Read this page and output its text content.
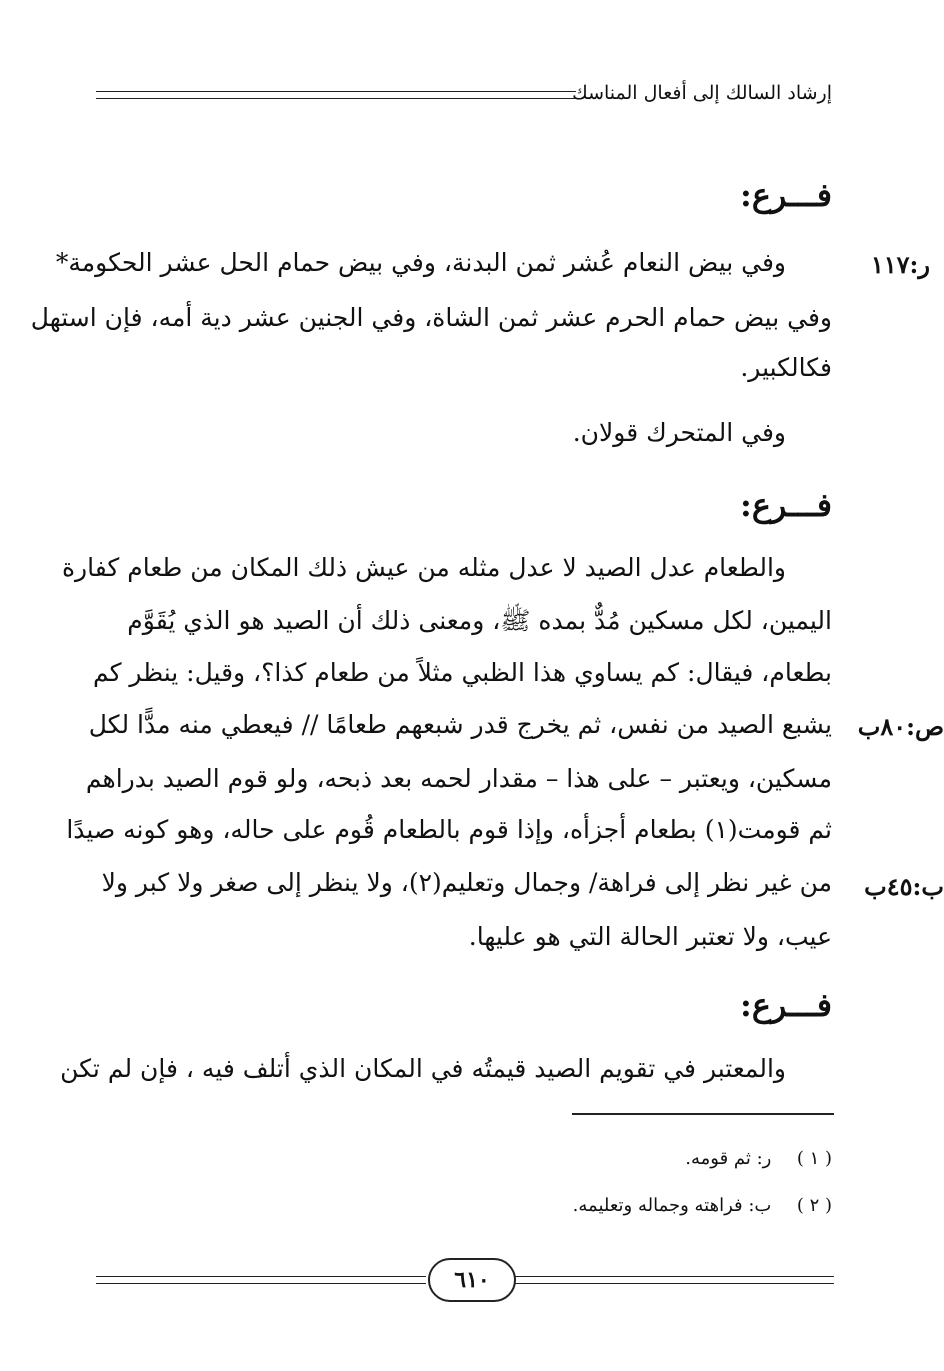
إرشاد السالك إلى أفعال المناسك
فـــرع:
ر:١١٧
وفي بيض النعام عُشر ثمن البدنة، وفي بيض حمام الحل عشر الحكومة*
وفي بيض حمام الحرم عشر ثمن الشاة، وفي الجنين عشر دية أمه، فإن استهل
فكالكبير.
وفي المتحرك قولان.
فـــرع:
والطعام عدل الصيد لا عدل مثله من عيش ذلك المكان من طعام كفارة
اليمين، لكل مسكين مُدٌّ بمده ﷺ، ومعنى ذلك أن الصيد هو الذي يُقَوَّم
بطعام، فيقال: كم يساوي هذا الظبي مثلاً من طعام كذا؟، وقيل: ينظر كم
ص:٨٠ب
يشبع الصيد من نفس، ثم يخرج قدر شبعهم طعامًا // فيعطي منه مدًّا لكل
مسكين، ويعتبر – على هذا – مقدار لحمه بعد ذبحه، ولو قوم الصيد بدراهم
ثم قومت(١) بطعام أجزأه، وإذا قوم بالطعام قُوم على حاله، وهو كونه صيدًا
ب:٤٥ب
من غير نظر إلى فراهة/ وجمال وتعليم(٢)، ولا ينظر إلى صغر ولا كبر ولا
عيب، ولا تعتبر الحالة التي هو عليها.
فـــرع:
والمعتبر في تقويم الصيد قيمتُه في المكان الذي أتلف فيه ، فإن لم تكن
( ١ )  ر: ثم قومه.
( ٢ )  ب: فراهته وجماله وتعليمه.
٦١٠
